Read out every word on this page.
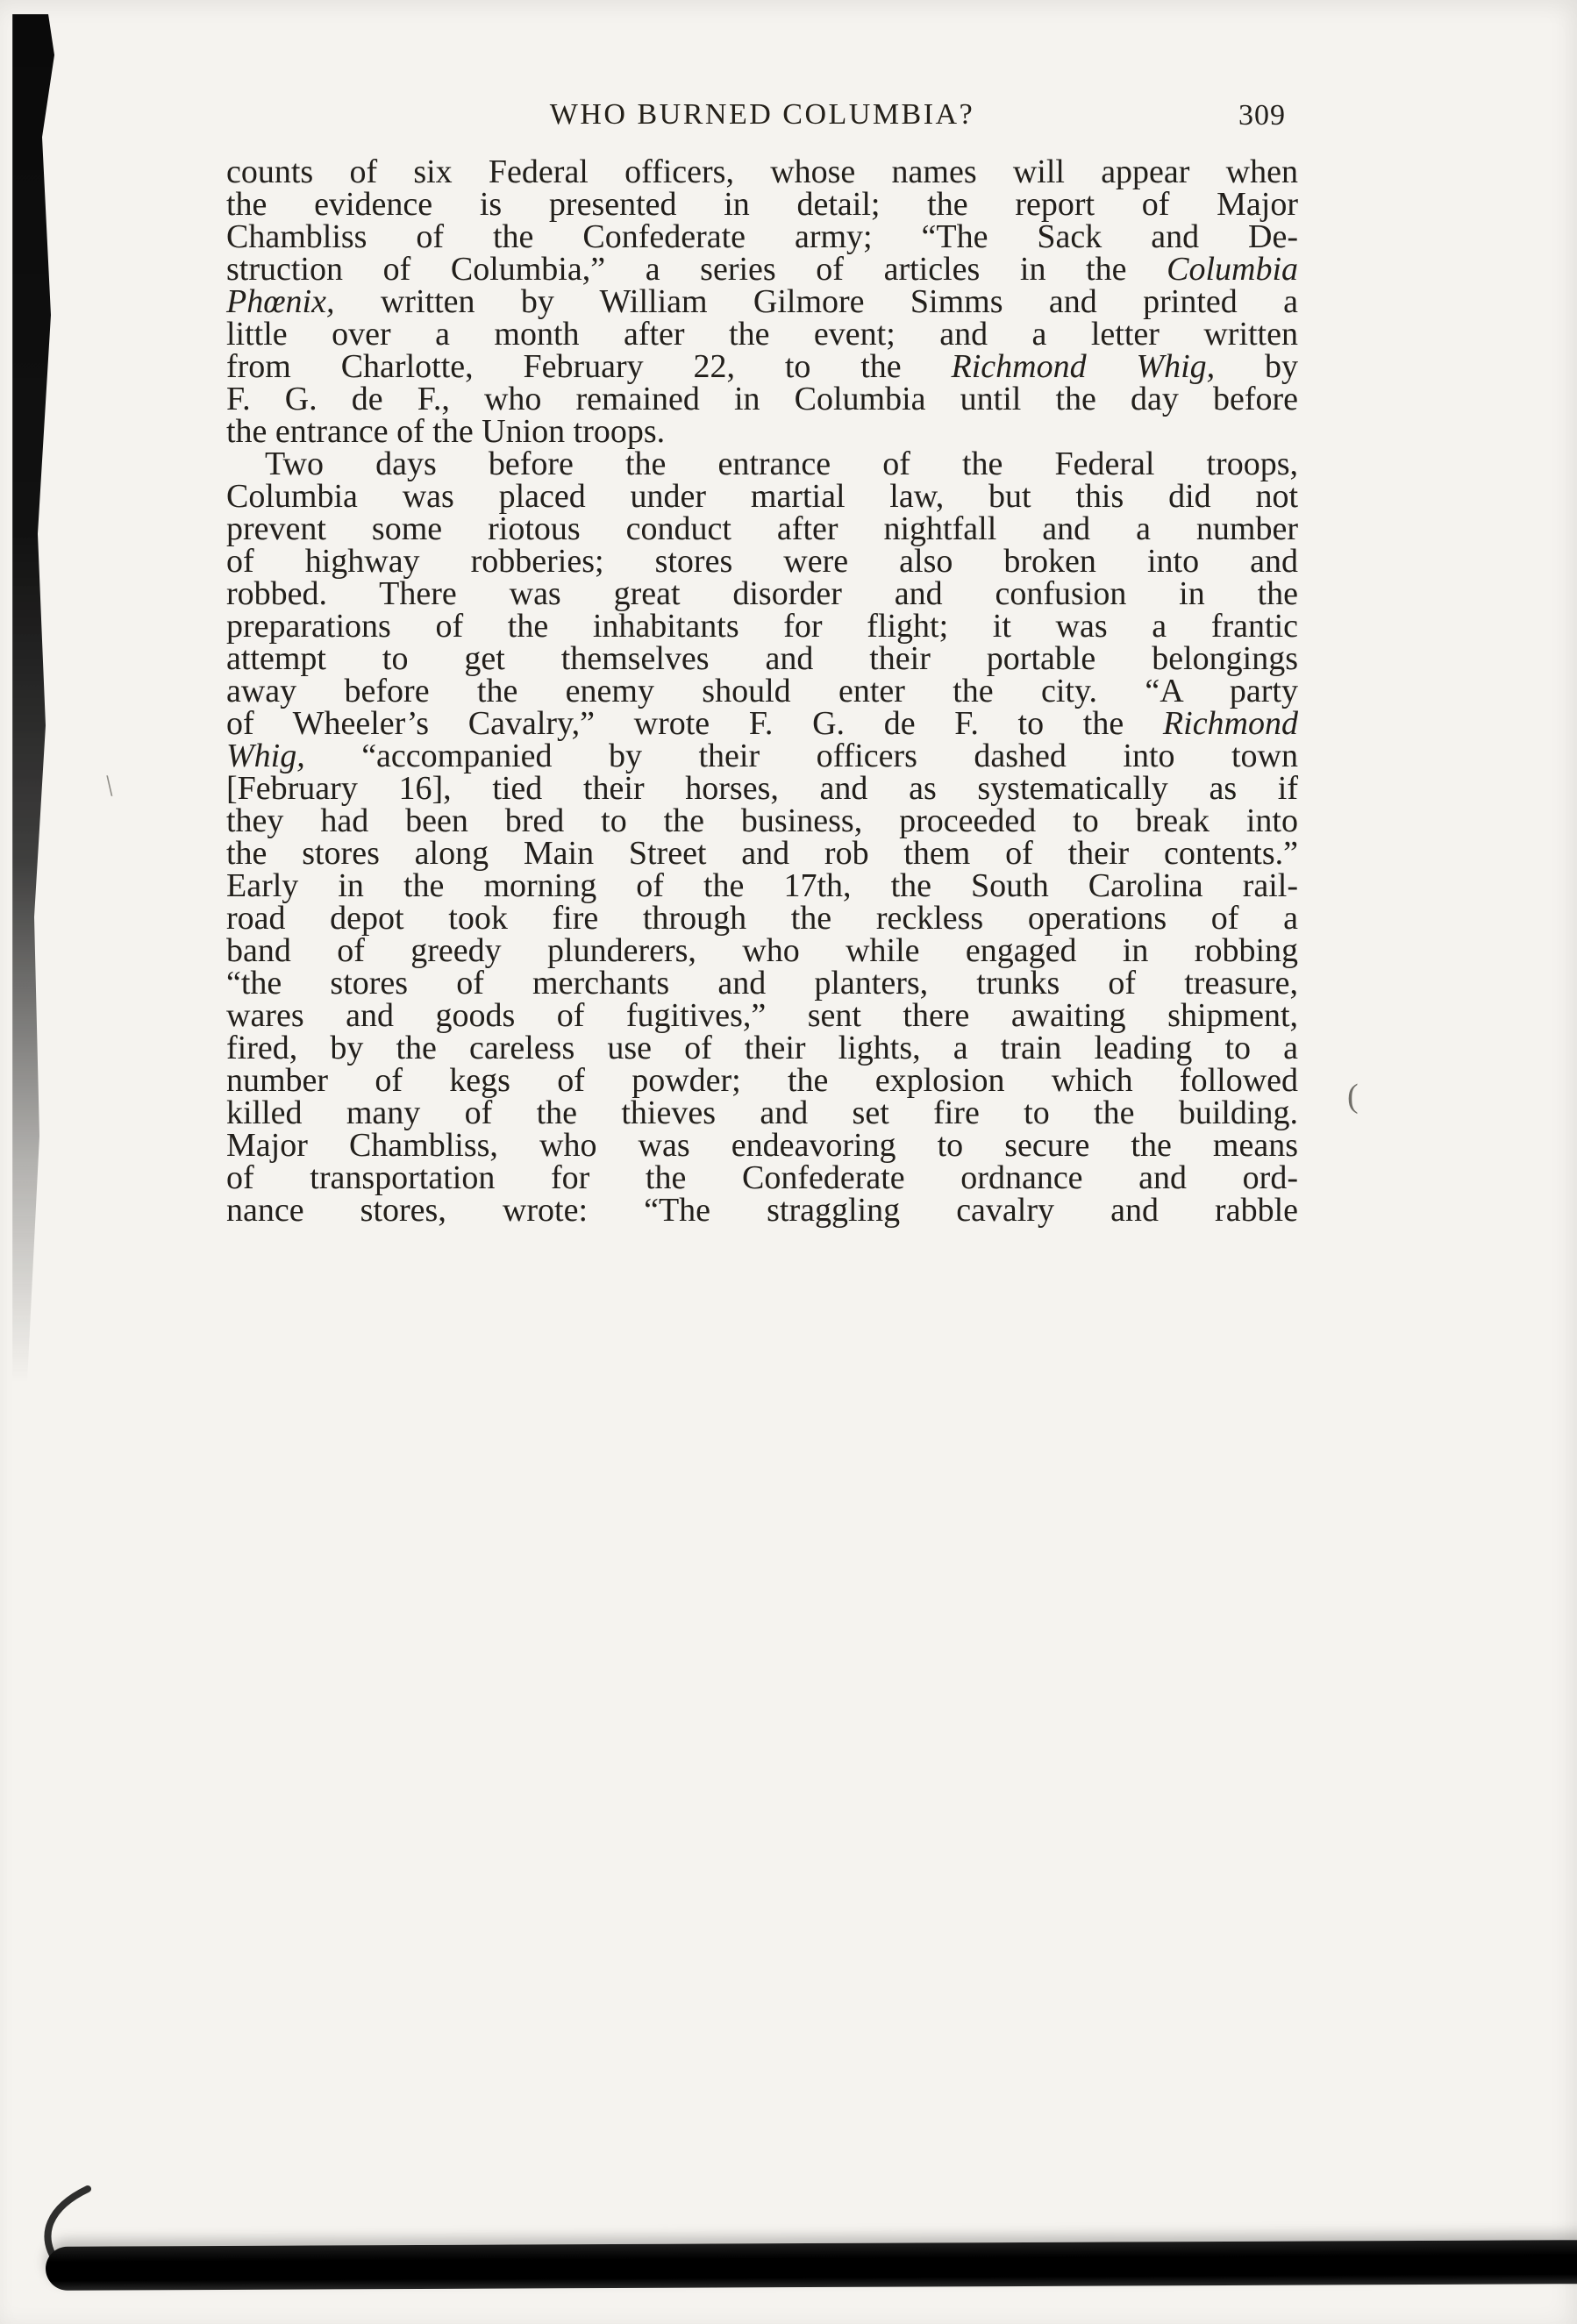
WHO BURNED COLUMBIA?	309
counts of six Federal officers, whose names will appear when
the evidence is presented in detail; the report of Major
Chambliss of the Confederate army; “The Sack and De-
struction of Columbia,” a series of articles in the Columbia
Phœnix, written by William Gilmore Simms and printed a
little over a month after the event; and a letter written
from Charlotte, February 22, to the Richmond Whig, by
F. G. de F., who remained in Columbia until the day before
the entrance of the Union troops.
Two days before the entrance of the Federal troops,
Columbia was placed under martial law, but this did not
prevent some riotous conduct after nightfall and a number
of highway robberies; stores were also broken into and
robbed. There was great disorder and confusion in the
preparations of the inhabitants for flight; it was a frantic
attempt to get themselves and their portable belongings
away before the enemy should enter the city. “A party
of Wheeler’s Cavalry,” wrote F. G. de F. to the Richmond
Whig, “accompanied by their officers dashed into town
[February 16], tied their horses, and as systematically as if
they had been bred to the business, proceeded to break into
the stores along Main Street and rob them of their contents.”
Early in the morning of the 17th, the South Carolina rail-
road depot took fire through the reckless operations of a
band of greedy plunderers, who while engaged in robbing
“the stores of merchants and planters, trunks of treasure,
wares and goods of fugitives,” sent there awaiting shipment,
fired, by the careless use of their lights, a train leading to a
number of kegs of powder; the explosion which followed
killed many of the thieves and set fire to the building.
Major Chambliss, who was endeavoring to secure the means
of transportation for the Confederate ordnance and ord-
nance stores, wrote: “The straggling cavalry and rabble
\
(
